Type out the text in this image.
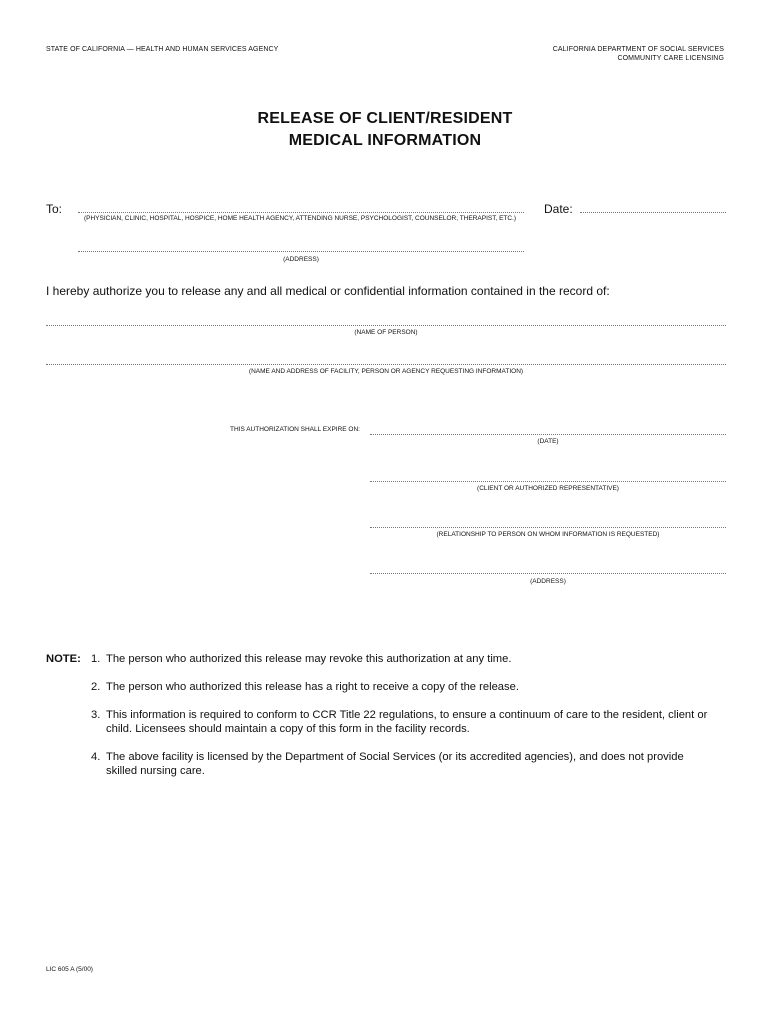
STATE OF CALIFORNIA — HEALTH AND HUMAN SERVICES AGENCY	CALIFORNIA DEPARTMENT OF SOCIAL SERVICES
COMMUNITY CARE LICENSING
RELEASE OF CLIENT/RESIDENT
MEDICAL INFORMATION
To:	Date:
(PHYSICIAN, CLINIC, HOSPITAL, HOSPICE, HOME HEALTH AGENCY, ATTENDING NURSE, PSYCHOLOGIST, COUNSELOR, THERAPIST, ETC.)
(ADDRESS)
I hereby authorize you to release any and all medical or confidential information contained in the record of:
(NAME OF PERSON)
(NAME AND ADDRESS OF FACILITY, PERSON OR AGENCY REQUESTING INFORMATION)
THIS AUTHORIZATION SHALL EXPIRE ON:
(DATE)
(CLIENT OR AUTHORIZED REPRESENTATIVE)
(RELATIONSHIP TO PERSON ON WHOM INFORMATION IS REQUESTED)
(ADDRESS)
NOTE: 1. The person who authorized this release may revoke this authorization at any time.
2. The person who authorized this release has a right to receive a copy of the release.
3. This information is required to conform to CCR Title 22 regulations, to ensure a continuum of care to the resident, client or
child. Licensees should maintain a copy of this form in the facility records.
4. The above facility is licensed by the Department of Social Services (or its accredited agencies), and does not provide
skilled nursing care.
LIC 605 A (5/00)
